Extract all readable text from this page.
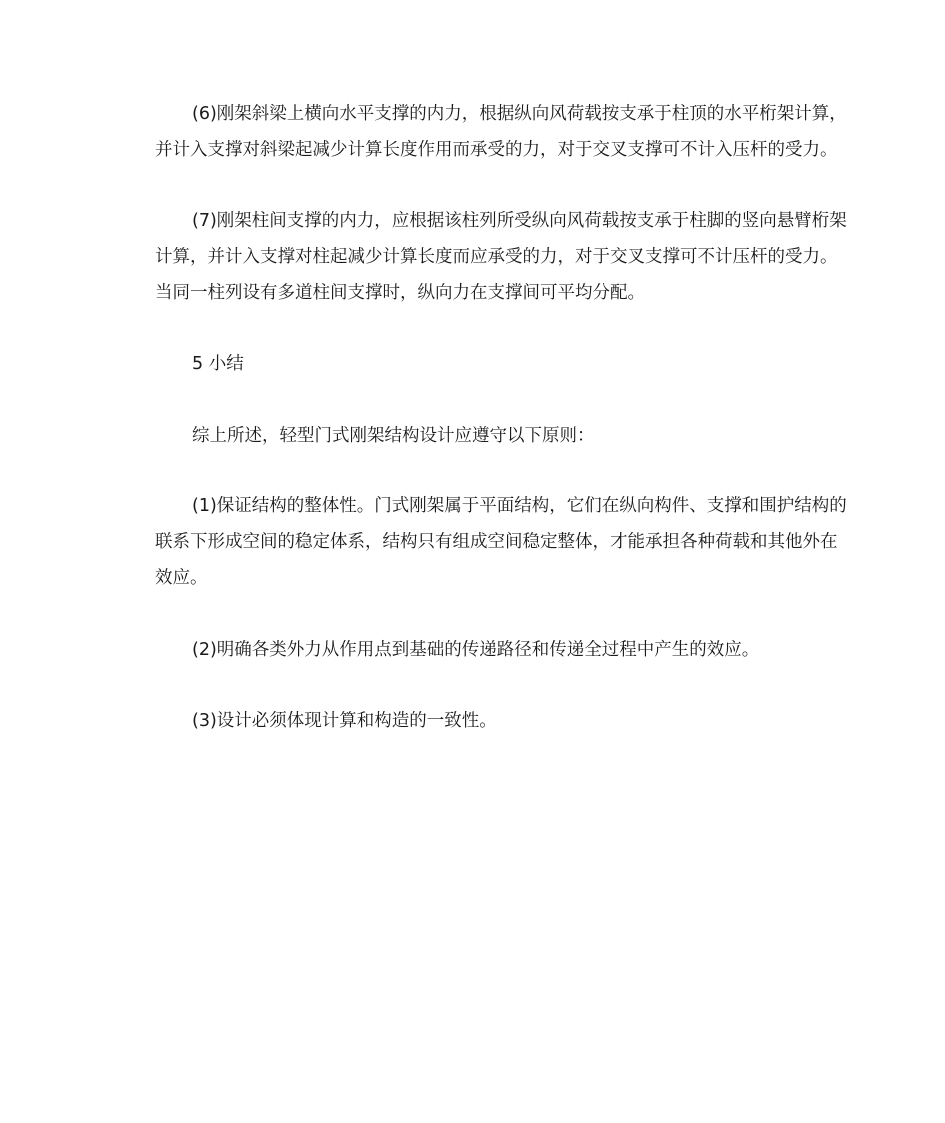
(6)刚架斜梁上横向水平支撑的内力，根据纵向风荷载按支承于柱顶的水平桁架计算，
并计入支撑对斜梁起减少计算长度作用而承受的力，对于交叉支撑可不计入压杆的受力。
(7)刚架柱间支撑的内力，应根据该柱列所受纵向风荷载按支承于柱脚的竖向悬臂桁架
计算，并计入支撑对柱起减少计算长度而应承受的力，对于交叉支撑可不计压杆的受力。
当同一柱列设有多道柱间支撑时，纵向力在支撑间可平均分配。
5 小结
综上所述，轻型门式刚架结构设计应遵守以下原则：
(1)保证结构的整体性。门式刚架属于平面结构，它们在纵向构件、支撑和围护结构的
联系下形成空间的稳定体系，结构只有组成空间稳定整体，才能承担各种荷载和其他外在
效应。
(2)明确各类外力从作用点到基础的传递路径和传递全过程中产生的效应。
(3)设计必须体现计算和构造的一致性。
